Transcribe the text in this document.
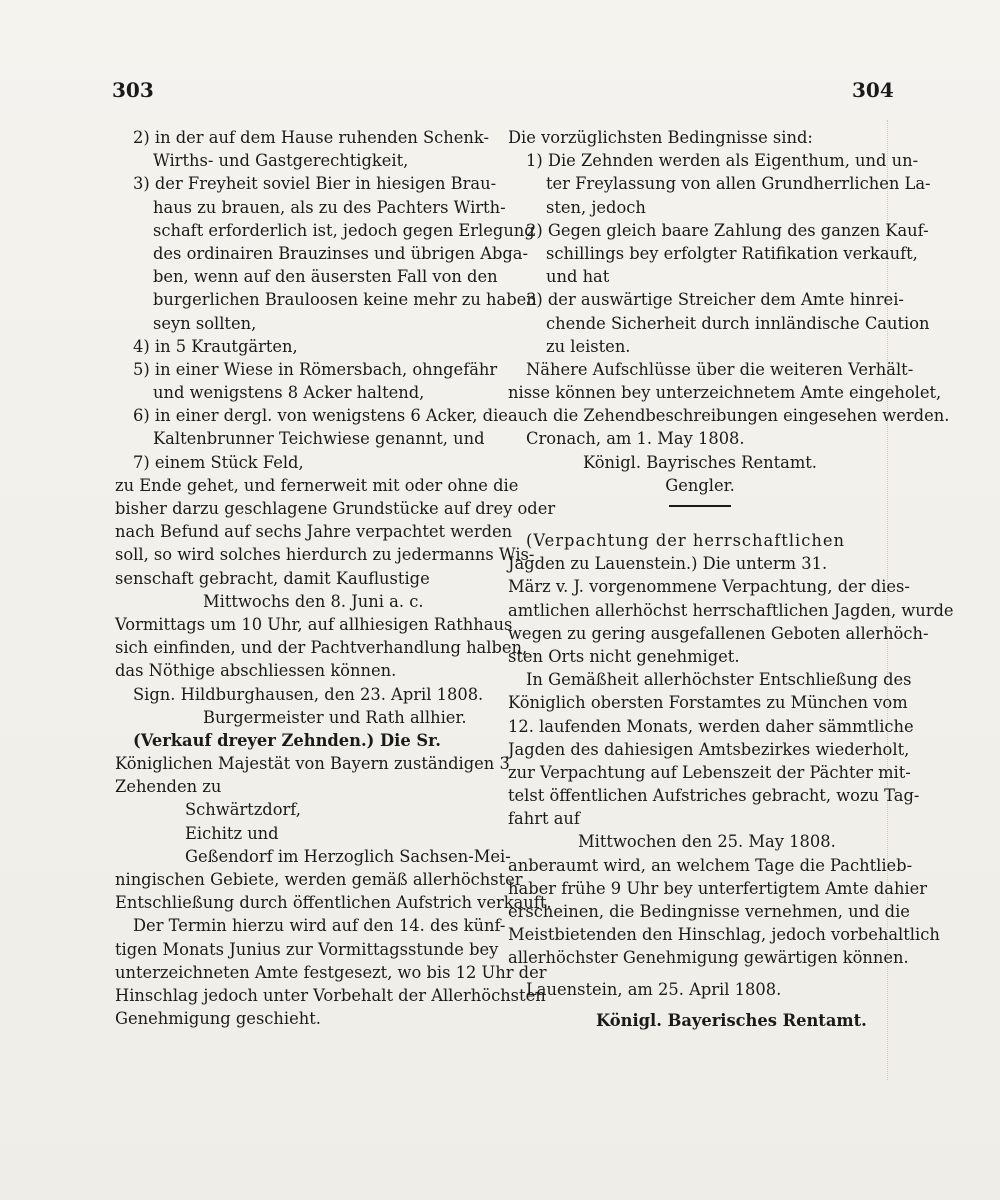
303	304
2) in der auf dem Hause ruhenden Schenk-
Wirths- und Gastgerechtigkeit,
3) der Freyheit soviel Bier in hiesigen Brau-
haus zu brauen, als zu des Pachters Wirth-
schaft erforderlich ist, jedoch gegen Erlegung
des ordinairen Brauzinses und übrigen Abga-
ben, wenn auf den äusersten Fall von den
burgerlichen Brauloosen keine mehr zu haben
seyn sollten,
4) in 5 Krautgärten,
5) in einer Wiese in Römersbach, ohngefähr
und wenigstens 8 Acker haltend,
6) in einer dergl. von wenigstens 6 Acker, die
Kaltenbrunner Teichwiese genannt, und
7) einem Stück Feld,
zu Ende gehet, und fernerweit mit oder ohne die
bisher darzu geschlagene Grundstücke auf drey oder
nach Befund auf sechs Jahre verpachtet werden
soll, so wird solches hierdurch zu jedermanns Wis-
senschaft gebracht, damit Kauflustige
Mittwochs den 8. Juni a. c.
Vormittags um 10 Uhr, auf allhiesigen Rathhaus
sich einfinden, und der Pachtverhandlung halben,
das Nöthige abschliessen können.
Sign. Hildburghausen, den 23. April 1808.
Burgermeister und Rath allhier.
(Verkauf dreyer Zehnden.) Die Sr.
Königlichen Majestät von Bayern zuständigen 3
Zehenden zu
Schwärtzdorf,
Eichitz und
Geßendorf im Herzoglich Sachsen-Mei-
ningischen Gebiete, werden gemäß allerhöchster
Entschließung durch öffentlichen Aufstrich verkauft.
Der Termin hierzu wird auf den 14. des künf-
tigen Monats Junius zur Vormittagsstunde bey
unterzeichneten Amte festgesezt, wo bis 12 Uhr der
Hinschlag jedoch unter Vorbehalt der Allerhöchsten
Genehmigung geschieht.
Die vorzüglichsten Bedingnisse sind:
1) Die Zehnden werden als Eigenthum, und un-
ter Freylassung von allen Grundherrlichen La-
sten, jedoch
2) Gegen gleich baare Zahlung des ganzen Kauf-
schillings bey erfolgter Ratifikation verkauft,
und hat
3) der auswärtige Streicher dem Amte hinrei-
chende Sicherheit durch innländische Caution
zu leisten.
Nähere Aufschlüsse über die weiteren Verhält-
nisse können bey unterzeichnetem Amte eingeholet,
auch die Zehendbeschreibungen eingesehen werden.
Cronach, am 1. May 1808.
Königl. Bayrisches Rentamt.
Gengler.
(Verpachtung der herrschaftlichen
Jagden zu Lauenstein.) Die unterm 31.
März v. J. vorgenommene Verpachtung, der dies-
amtlichen allerhöchst herrschaftlichen Jagden, wurde
wegen zu gering ausgefallenen Geboten allerhöch-
sten Orts nicht genehmiget.
In Gemäßheit allerhöchster Entschließung des
Königlich obersten Forstamtes zu München vom
12. laufenden Monats, werden daher sämmtliche
Jagden des dahiesigen Amtsbezirkes wiederholt,
zur Verpachtung auf Lebenszeit der Pächter mit-
telst öffentlichen Aufstriches gebracht, wozu Tag-
fahrt auf
Mittwochen den 25. May 1808.
anberaumt wird, an welchem Tage die Pachtlieb-
haber frühe 9 Uhr bey unterfertigtem Amte dahier
erscheinen, die Bedingnisse vernehmen, und die
Meistbietenden den Hinschlag, jedoch vorbehaltlich
allerhöchster Genehmigung gewärtigen können.
Lauenstein, am 25. April 1808.
Königl. Bayerisches Rentamt.
